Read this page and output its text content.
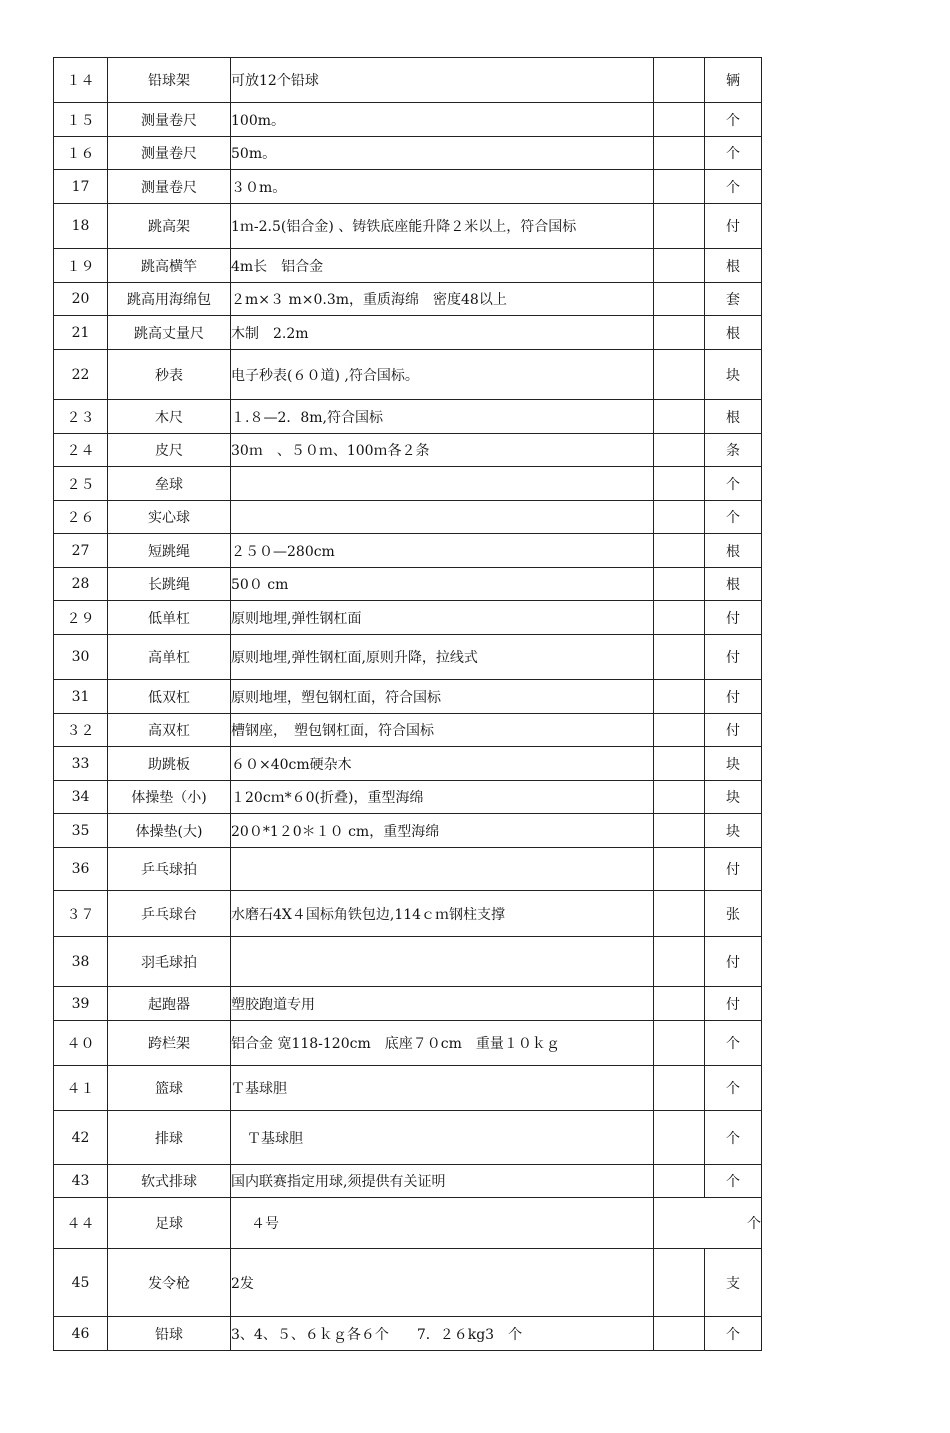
１４	铅球架	可放12个铅球		辆
１５	测量卷尺	100m。		个
１６	测量卷尺	50m。		个
17	测量卷尺	３０m。		个
18	跳高架	1ｍ-2.5(铝合金) 、铸铁底座能升降２米以上，符合国标		付
１９	跳高横竿	4m长　铝合金		根
20	跳高用海绵包	２m×３ m×0.3m，重质海绵　密度48以上		套
21	跳高丈量尺	木制　2.2m		根
22	秒表	电子秒表(６０道) ,符合国标。		块
２３	木尺	１.８—2．8m,符合国标		根
２４	皮尺	30ｍ　、５０ｍ、100ｍ各２条		条
２５	垒球			个
２６	实心球			个
27	短跳绳	２５０—280cm		根
28	长跳绳	50０ cm		根
２９	低单杠	原则地埋,弹性钢杠面		付
30	高单杠	原则地埋,弹性钢杠面,原则升降，拉线式		付
31	低双杠	原则地埋，塑包钢杠面，符合国标		付
３２	高双杠	槽钢座，　塑包钢杠面，符合国标		付
33	助跳板	６０×40cm硬杂木		块
34	体操垫（小)	１20cｍ*６0(折叠)，重型海绵		块
35	体操垫(大)	20０*1２0＊１０ cm，重型海绵		块
36	乒乓球拍			付
３７	乒乓球台	水磨石4X４国标角铁包边,114ｃｍ钢柱支撑		张
38	羽毛球拍			付
39	起跑器	塑胶跑道专用		付
４０	跨栏架	铝合金 宽118-120cm　底座７０cm　重量１０ｋｇ		个
４１	篮球	Ｔ基球胆		个
42	排球	Ｔ基球胆		个
43	软式排球	国内联赛指定用球,须提供有关证明		个
４４	足球	４号	个	
45	发令枪	2发		支
46	铅球	3、4、５、６ｋｇ各６个　　7．２６kg3　个		个
